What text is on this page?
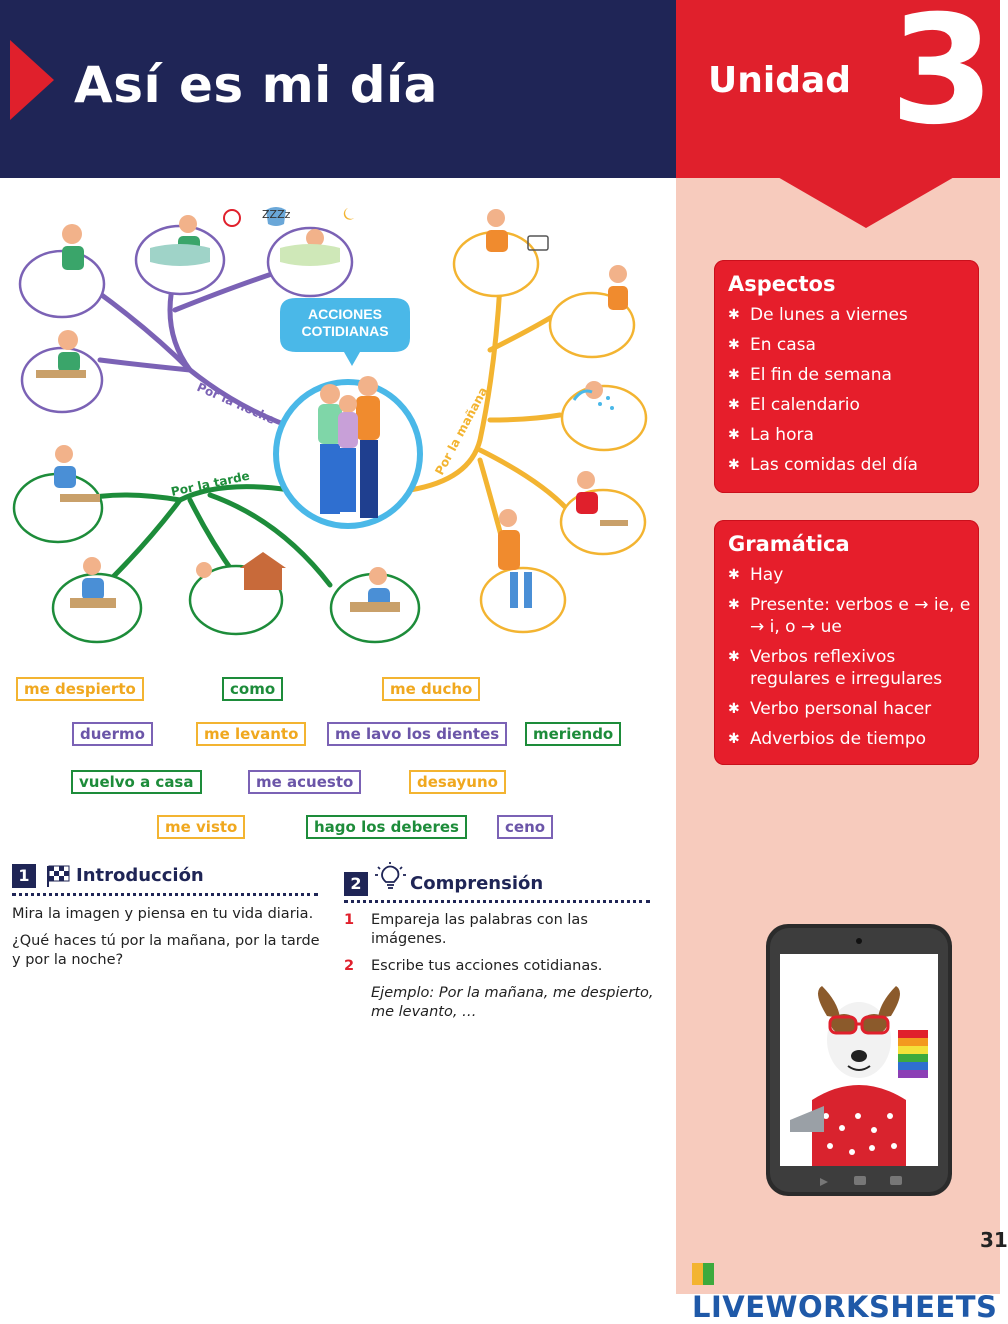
Así es mi día	Unidad 3
Aspectos
✱ De lunes a viernes
✱ En casa
✱ El fin de semana
✱ El calendario
✱ La hora
✱ Las comidas del día
Gramática
✱ Hay
✱ Presente: verbos e → ie, e → i, o → ue
✱ Verbos reflexivos regulares e irregulares
✱ Verbo personal hacer
✱ Adverbios de tiempo
ZZZz
ACCIONES COTIDIANAS
Por la noche	Por la mañana
Por la tarde
me despierto	como	me ducho
duermo	me levanto	me lavo los dientes	meriendo
vuelvo a casa	me acuesto	desayuno
me visto	hago los deberes	ceno
1	Introducción
Mira la imagen y piensa en tu vida diaria.
¿Qué haces tú por la mañana, por la tarde y por la noche?
2	Comprensión
1 Empareja las palabras con las imágenes.
2 Escribe tus acciones cotidianas.
Ejemplo: Por la mañana, me despierto, me levanto, …
31
LIVEWORKSHEETS
